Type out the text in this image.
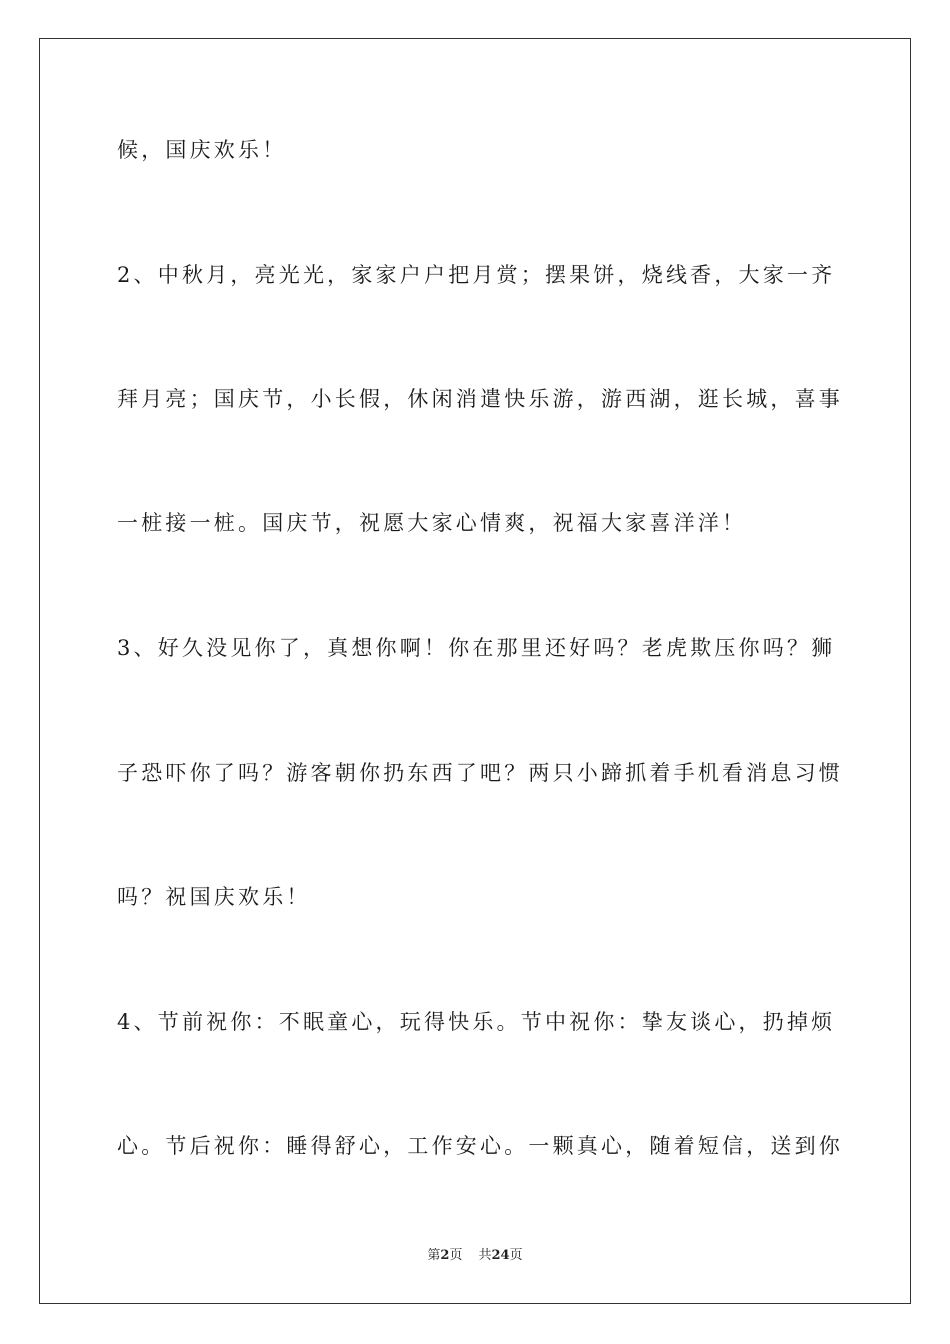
候，国庆欢乐！
2、中秋月，亮光光，家家户户把月赏；摆果饼，烧线香，大家一齐
拜月亮；国庆节，小长假，休闲消遣快乐游，游西湖，逛长城，喜事
一桩接一桩。国庆节，祝愿大家心情爽，祝福大家喜洋洋！
3、好久没见你了，真想你啊！你在那里还好吗？老虎欺压你吗？狮
子恐吓你了吗？游客朝你扔东西了吧？两只小蹄抓着手机看消息习惯
吗？祝国庆欢乐！
4、节前祝你：不眠童心，玩得快乐。节中祝你：挚友谈心，扔掉烦
心。节后祝你：睡得舒心，工作安心。一颗真心，随着短信，送到你
第2页 共24页
